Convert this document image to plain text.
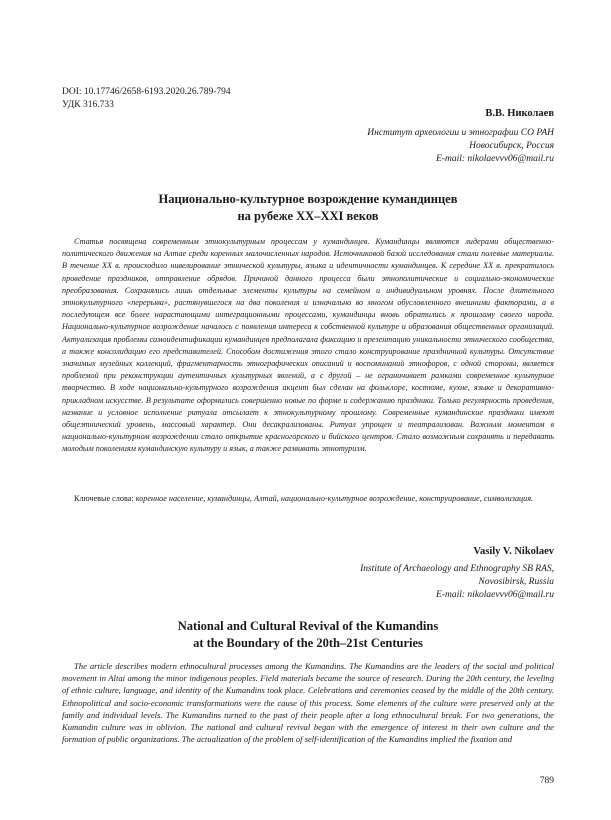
DOI: 10.17746/2658-6193.2020.26.789-794
УДК 316.733
В.В. Николаев
Институт археологии и этнографии СО РАН
Новосибирск, Россия
E-mail: nikolaevvv06@mail.ru
Национально-культурное возрождение кумандинцев
на рубеже XX–XXI веков

Статья посвящена современным этнокультурным процессам у кумандинцев. Кумандинцы являются лидерами общественно-политического движения на Алтае среди коренных малочисленных народов. Источниковой базой исследования стали полевые материалы. В течение XX в. происходило нивелирование этнической культуры, языка и идентичности кумандинцев. К середине XX в. прекратилось проведение праздников, отправление обрядов. Причиной данного процесса были этнополитические и социально-экономические преобразования. Сохранялись лишь отдельные элементы культуры на семейном и индивидуальном уровнях. После длительного этнокультурного «перерыва», растянувшегося на два поколения и изначально во многом обусловленного внешними факторами, а в последующем все более нарастающими интеграционными процессами, кумандинцы вновь обратились к прошлому своего народа. Национально-культурное возрождение началось с появления интереса к собственной культуре и образования общественных организаций. Актуализация проблемы самоидентификации кумандинцев предполагала фиксацию и презентацию уникальности этнического сообщества, а также консолидацию его представителей. Способом достижения этого стало конструирование праздничной культуры. Отсутствие значимых музейных коллекций, фрагментарность этнографических описаний и воспоминаний этнофоров, с одной стороны, является проблемой при реконструкции аутентичных культурных явлений, а с другой – не ограничивает рамками современное культурное творчество. В ходе национально-культурного возрождения акцент был сделан на фольклоре, костюме, кухне, языке и декоративно-прикладном искусстве. В результате оформились совершенно новые по форме и содержанию праздники. Только регулярность проведения, название и условное исполнение ритуала отсылает к этнокультурному прошлому. Современные кумандинские праздники имеют общеэтнический уровень, массовый характер. Они десакрализованы. Ритуал упрощен и театрализован. Важным моментом в национально-культурном возрождении стало открытие красногорского и бийского центров. Стало возможным сохранять и передавать молодым поколениям кумандинскую культуру и язык, а также развивать этнотуризм.

Ключевые слова: коренное население, кумандинцы, Алтай, национально-культурное возрождение, конструирование, символизация.

Vasily V. Nikolaev
Institute of Archaeology and Ethnography SB RAS,
Novosibirsk, Russia
E-mail: nikolaevvv06@mail.ru
National and Cultural Revival of the Kumandins
at the Boundary of the 20th–21st Centuries

The article describes modern ethnocultural processes among the Kumandins. The Kumandins are the leaders of the social and political movement in Altai among the minor indigenous peoples. Field materials became the source of research. During the 20th century, the leveling of ethnic culture, language, and identity of the Kumandins took place. Celebrations and ceremonies ceased by the middle of the 20th century. Ethnopolitical and socio-economic transformations were the cause of this process. Some elements of the culture were preserved only at the family and individual levels. The Kumandins turned to the past of their people after a long ethnocultural break. For two generations, the Kumandin culture was in oblivion. The national and cultural revival began with the emergence of interest in their own culture and the formation of public organizations. The actualization of the problem of self-identification of the Kumandins implied the fixation and

789
